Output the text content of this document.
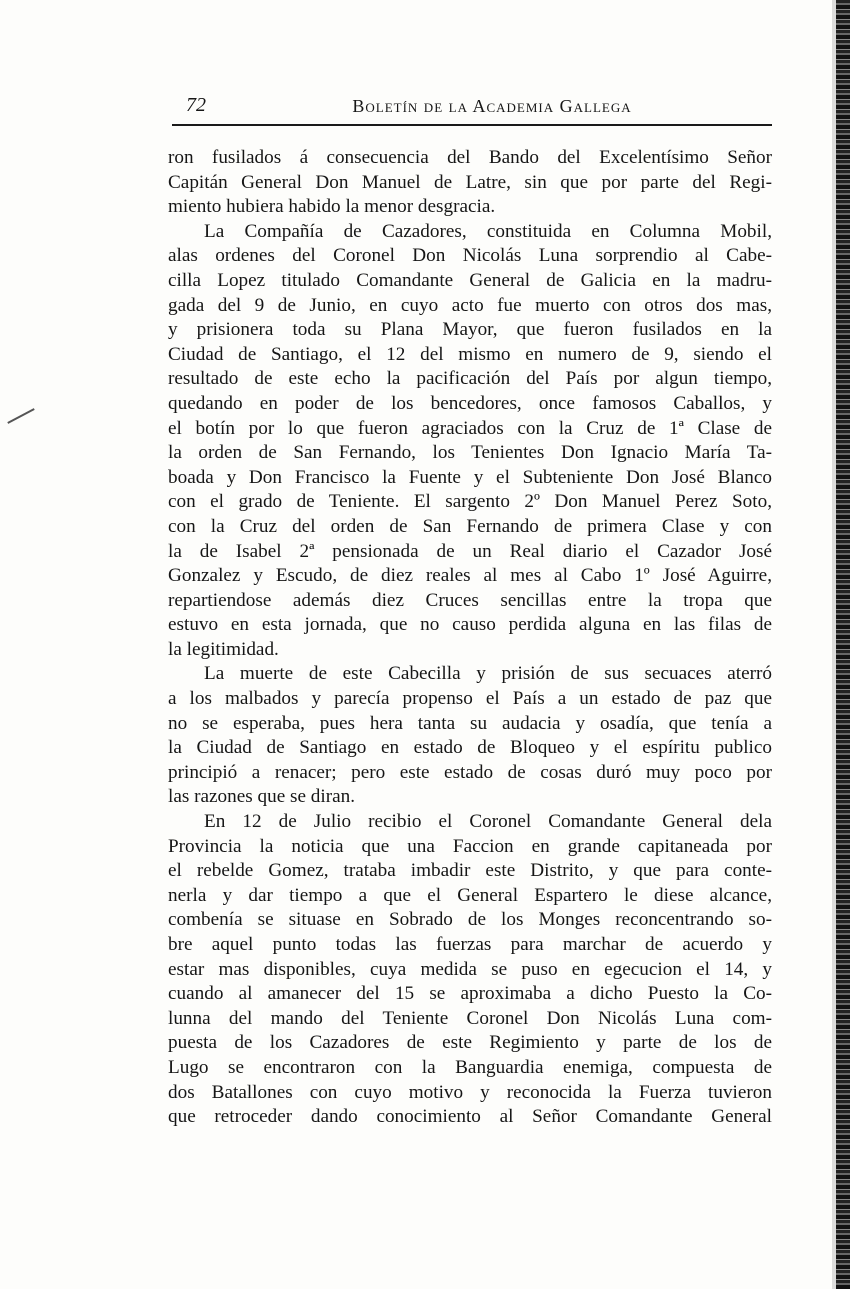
72	Boletín de la Academia Gallega
ron fusilados á consecuencia del Bando del Excelentísimo Señor
Capitán General Don Manuel de Latre, sin que por parte del Regi-
miento hubiera habido la menor desgracia.
La Compañía de Cazadores, constituida en Columna Mobil,
alas ordenes del Coronel Don Nicolás Luna sorprendio al Cabe-
cilla Lopez titulado Comandante General de Galicia en la madru-
gada del 9 de Junio, en cuyo acto fue muerto con otros dos mas,
y prisionera toda su Plana Mayor, que fueron fusilados en la
Ciudad de Santiago, el 12 del mismo en numero de 9, siendo el
resultado de este echo la pacificación del País por algun tiempo,
quedando en poder de los bencedores, once famosos Caballos, y
el botín por lo que fueron agraciados con la Cruz de 1ª Clase de
la orden de San Fernando, los Tenientes Don Ignacio María Ta-
boada y Don Francisco la Fuente y el Subteniente Don José Blanco
con el grado de Teniente. El sargento 2º Don Manuel Perez Soto,
con la Cruz del orden de San Fernando de primera Clase y con
la de Isabel 2ª pensionada de un Real diario el Cazador José
Gonzalez y Escudo, de diez reales al mes al Cabo 1º José Aguirre,
repartiendose además diez Cruces sencillas entre la tropa que
estuvo en esta jornada, que no causo perdida alguna en las filas de
la legitimidad.
La muerte de este Cabecilla y prisión de sus secuaces aterró
a los malbados y parecía propenso el País a un estado de paz que
no se esperaba, pues hera tanta su audacia y osadía, que tenía a
la Ciudad de Santiago en estado de Bloqueo y el espíritu publico
principió a renacer; pero este estado de cosas duró muy poco por
las razones que se diran.
En 12 de Julio recibio el Coronel Comandante General dela
Provincia la noticia que una Faccion en grande capitaneada por
el rebelde Gomez, trataba imbadir este Distrito, y que para conte-
nerla y dar tiempo a que el General Espartero le diese alcance,
combenía se situase en Sobrado de los Monges reconcentrando so-
bre aquel punto todas las fuerzas para marchar de acuerdo y
estar mas disponibles, cuya medida se puso en egecucion el 14, y
cuando al amanecer del 15 se aproximaba a dicho Puesto la Co-
lunna del mando del Teniente Coronel Don Nicolás Luna com-
puesta de los Cazadores de este Regimiento y parte de los de
Lugo se encontraron con la Banguardia enemiga, compuesta de
dos Batallones con cuyo motivo y reconocida la Fuerza tuvieron
que retroceder dando conocimiento al Señor Comandante General
